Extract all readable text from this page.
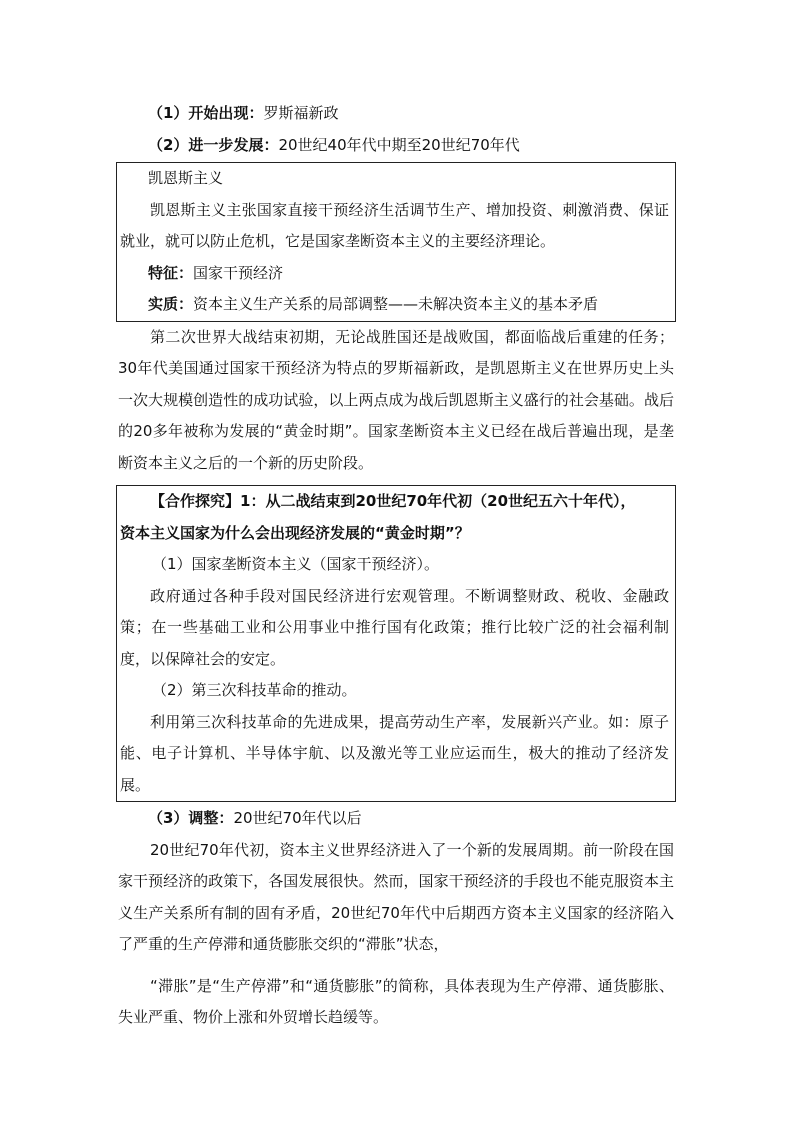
（1）开始出现：罗斯福新政

（2）进一步发展：20世纪40年代中期至20世纪70年代

凯恩斯主义

凯恩斯主义主张国家直接干预经济生活调节生产、增加投资、刺激消费、保证就业，就可以防止危机，它是国家垄断资本主义的主要经济理论。

特征：国家干预经济

实质：资本主义生产关系的局部调整——未解决资本主义的基本矛盾

第二次世界大战结束初期，无论战胜国还是战败国，都面临战后重建的任务；30年代美国通过国家干预经济为特点的罗斯福新政，是凯恩斯主义在世界历史上头一次大规模创造性的成功试验，以上两点成为战后凯恩斯主义盛行的社会基础。战后的20多年被称为发展的“黄金时期”。国家垄断资本主义已经在战后普遍出现，是垄断资本主义之后的一个新的历史阶段。

【合作探究】1：从二战结束到20世纪70年代初（20世纪五六十年代），

资本主义国家为什么会出现经济发展的“黄金时期”？

（1）国家垄断资本主义（国家干预经济）。

政府通过各种手段对国民经济进行宏观管理。不断调整财政、税收、金融政策；在一些基础工业和公用事业中推行国有化政策；推行比较广泛的社会福利制度，以保障社会的安定。

（2）第三次科技革命的推动。

利用第三次科技革命的先进成果，提高劳动生产率，发展新兴产业。如：原子能、电子计算机、半导体宇航、以及激光等工业应运而生，极大的推动了经济发展。

（3）调整：20世纪70年代以后

20世纪70年代初，资本主义世界经济进入了一个新的发展周期。前一阶段在国家干预经济的政策下，各国发展很快。然而，国家干预经济的手段也不能克服资本主义生产关系所有制的固有矛盾，20世纪70年代中后期西方资本主义国家的经济陷入了严重的生产停滞和通货膨胀交织的“滞胀”状态，

“滞胀”是“生产停滞”和“通货膨胀”的简称，具体表现为生产停滞、通货膨胀、失业严重、物价上涨和外贸增长趋缓等。
